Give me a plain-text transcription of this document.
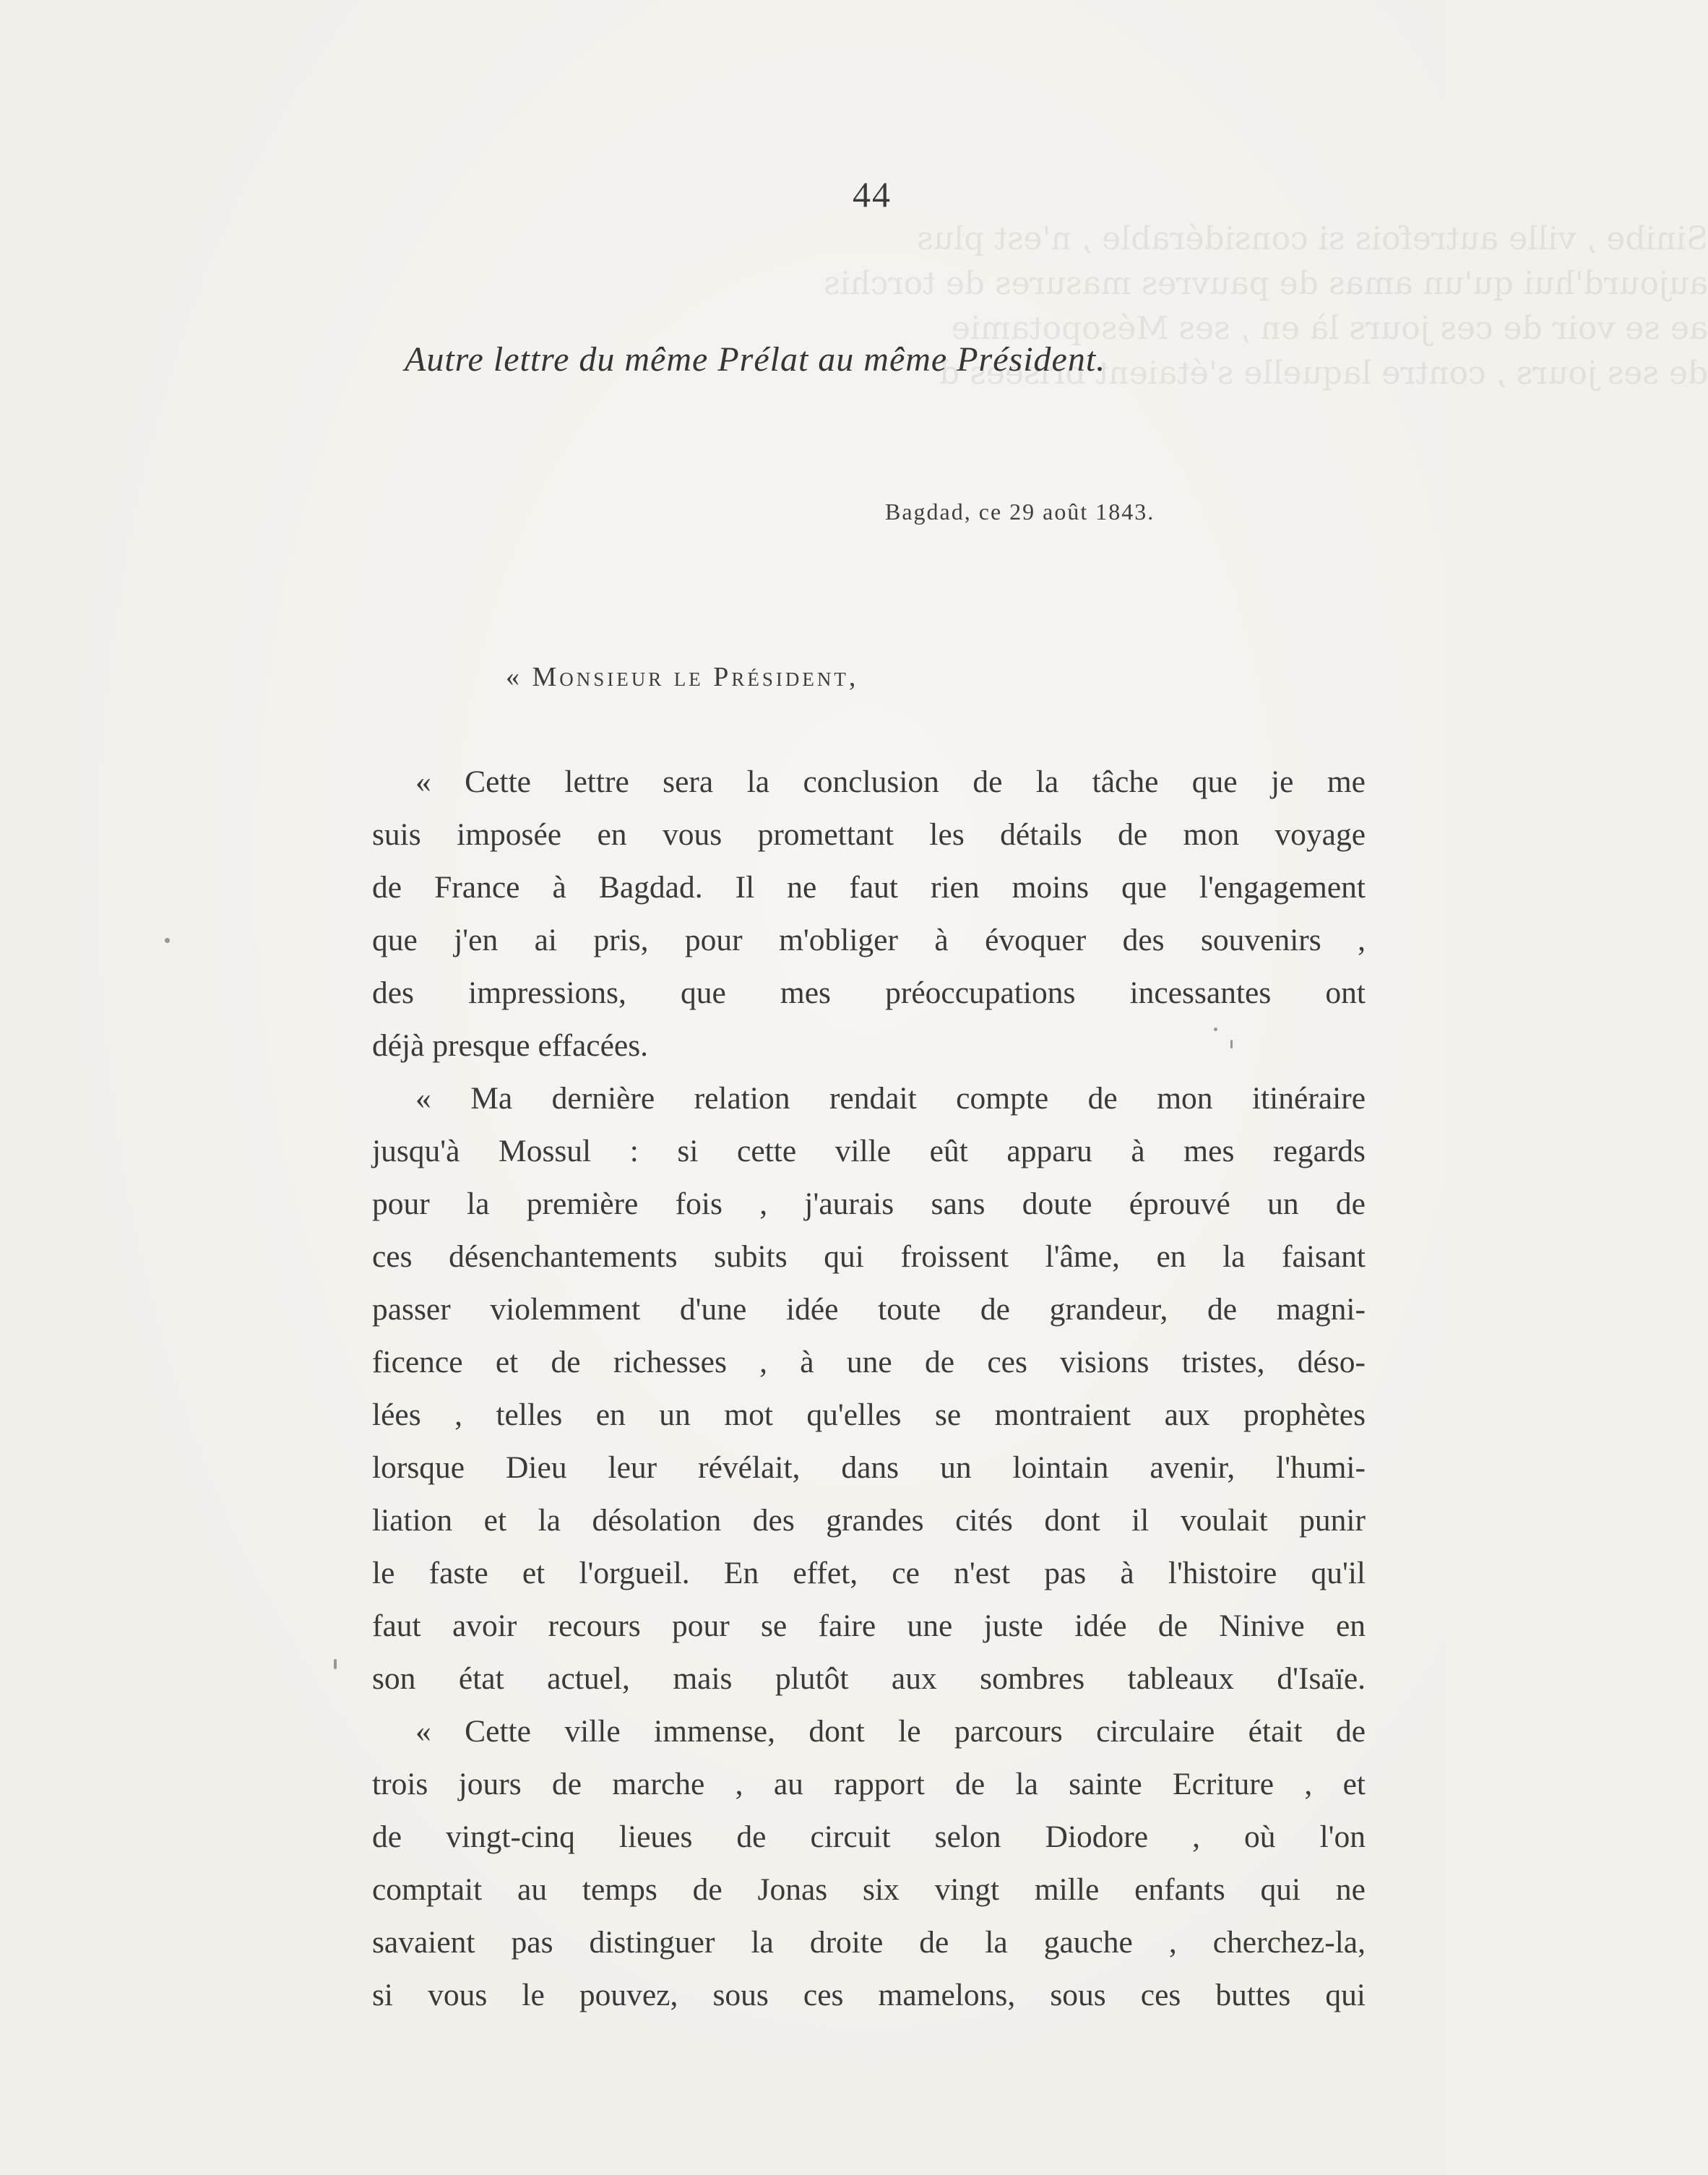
Sinibe , ville autrefois si considérable , n'est plus
aujourd'hui qu'un amas de pauvres masures de torchis
ae se voir de ces jours là en , ses Mésopotamie
de ses jours , contre laquelle s'étaient brisées d'
44
Autre lettre du même Prélat au même Président.
Bagdad, ce 29 août 1843.
« Monsieur le Président,
« Cette lettre sera la conclusion de la tâche que je me
suis imposée en vous promettant les détails de mon voyage
de France à Bagdad. Il ne faut rien moins que l'engagement
que j'en ai pris, pour m'obliger à évoquer des souvenirs ,
des impressions, que mes préoccupations incessantes ont
déjà presque effacées.
« Ma dernière relation rendait compte de mon itinéraire
jusqu'à Mossul : si cette ville eût apparu à mes regards
pour la première fois , j'aurais sans doute éprouvé un de
ces désenchantements subits qui froissent l'âme, en la faisant
passer violemment d'une idée toute de grandeur, de magni-
ficence et de richesses , à une de ces visions tristes, déso-
lées , telles en un mot qu'elles se montraient aux prophètes
lorsque Dieu leur révélait, dans un lointain avenir, l'humi-
liation et la désolation des grandes cités dont il voulait punir
le faste et l'orgueil. En effet, ce n'est pas à l'histoire qu'il
faut avoir recours pour se faire une juste idée de Ninive en
son état actuel, mais plutôt aux sombres tableaux d'Isaïe.
« Cette ville immense, dont le parcours circulaire était de
trois jours de marche , au rapport de la sainte Ecriture , et
de vingt-cinq lieues de circuit selon Diodore , où l'on
comptait au temps de Jonas six vingt mille enfants qui ne
savaient pas distinguer la droite de la gauche , cherchez-la,
si vous le pouvez, sous ces mamelons, sous ces buttes qui
